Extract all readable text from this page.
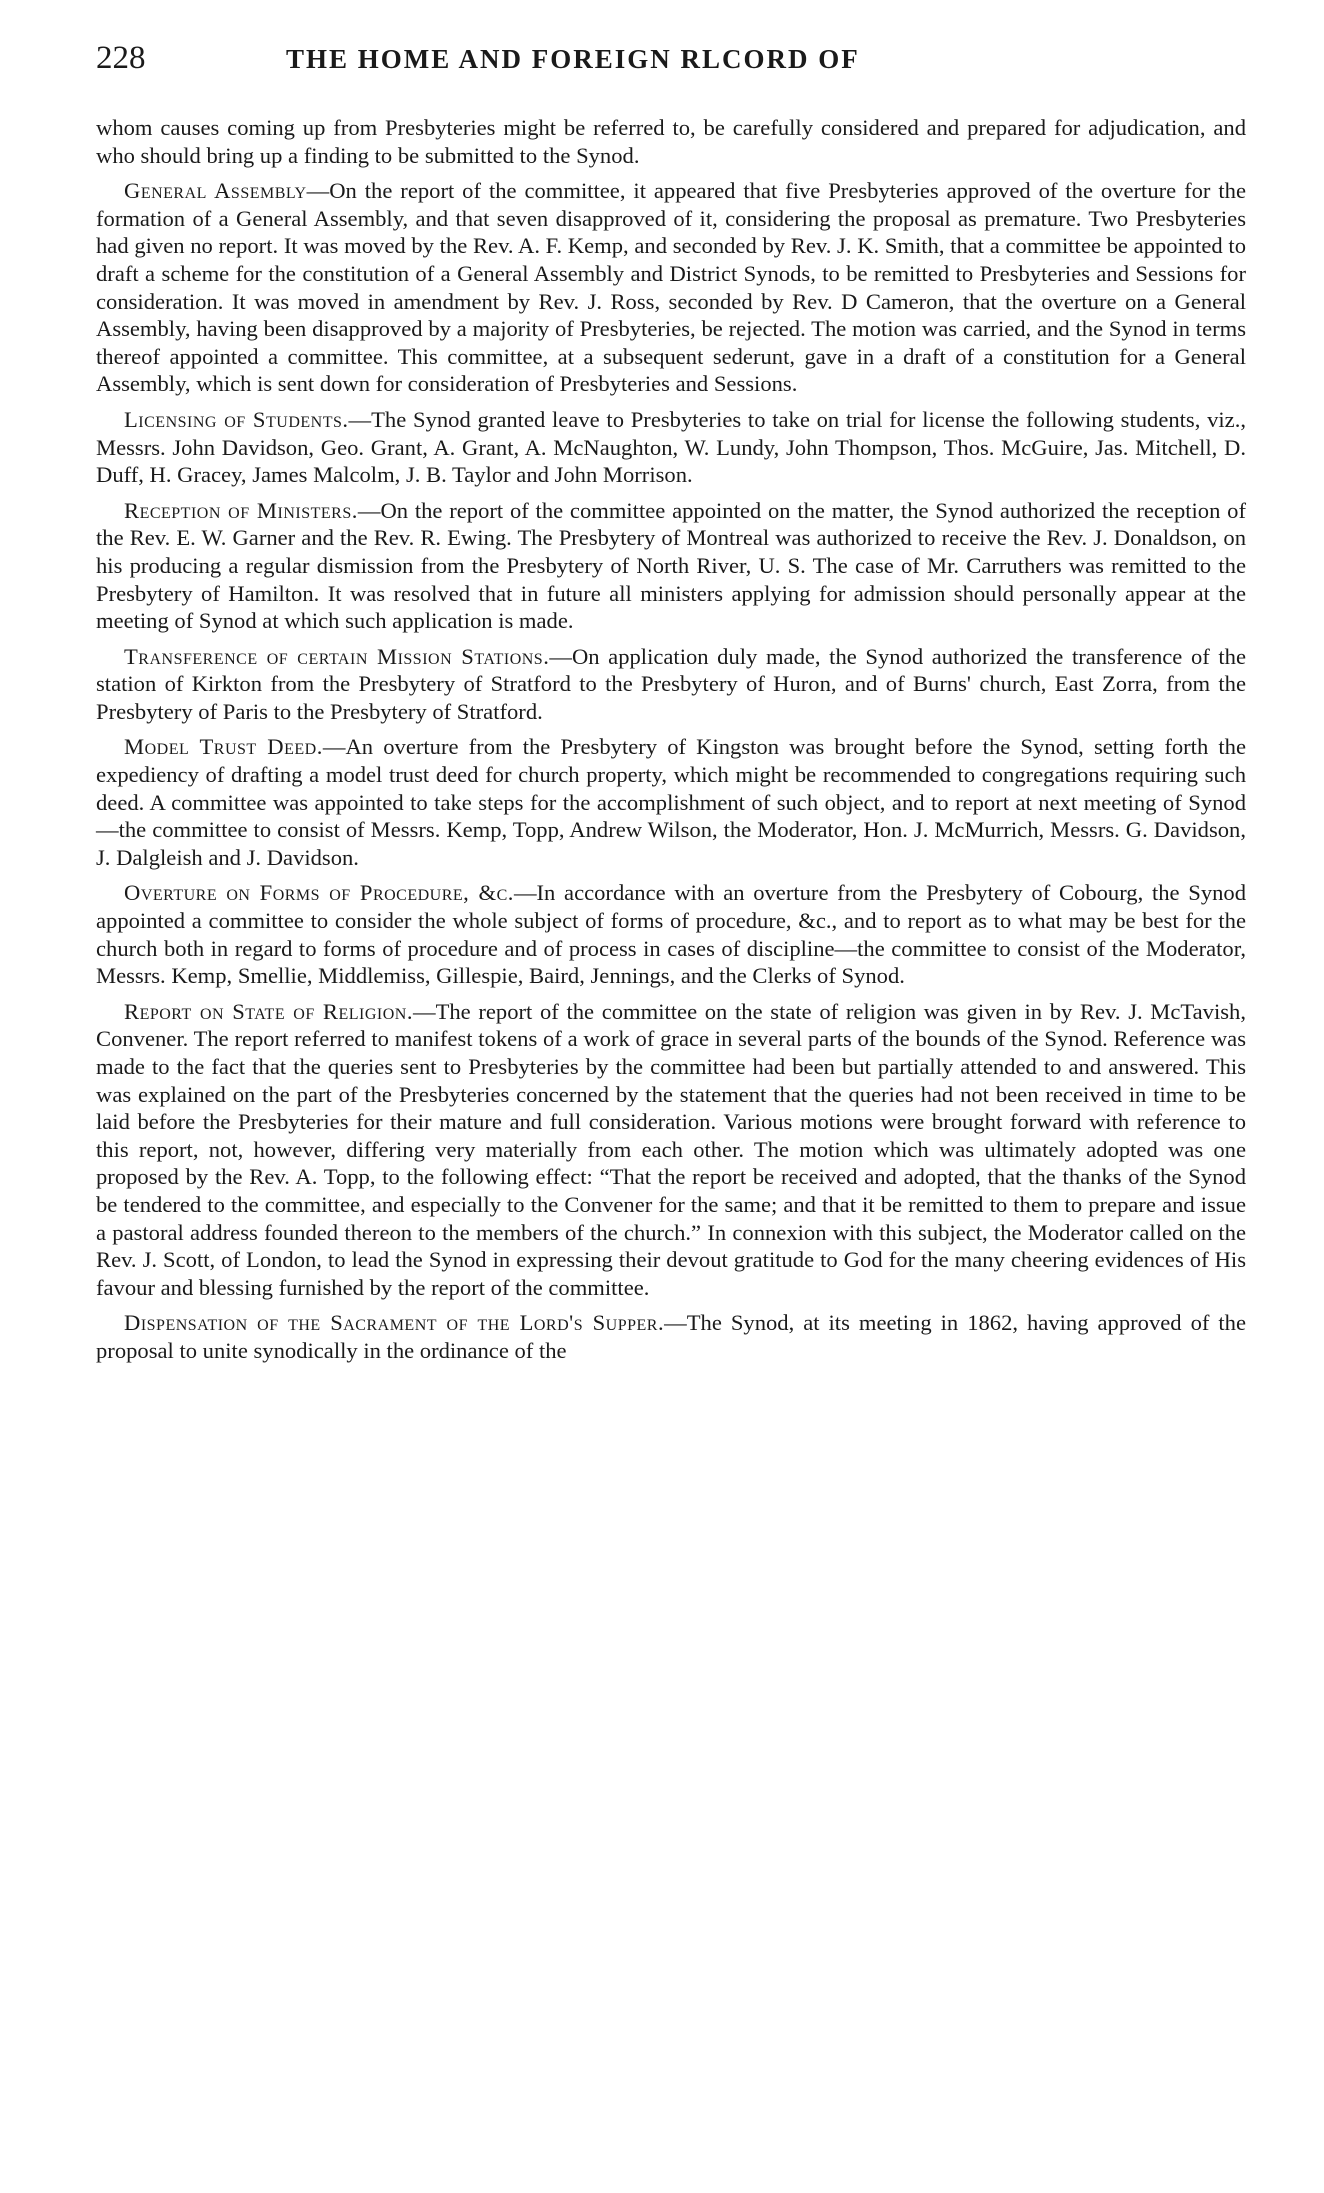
228	THE HOME AND FOREIGN RLCORD OF

whom causes coming up from Presbyteries might be referred to, be carefully considered and prepared for adjudication, and who should bring up a finding to be submitted to the Synod.

General Assembly—On the report of the committee, it appeared that five Presbyteries approved of the overture for the formation of a General Assembly, and that seven disapproved of it, considering the proposal as premature. Two Presbyteries had given no report. It was moved by the Rev. A. F. Kemp, and seconded by Rev. J. K. Smith, that a committee be appointed to draft a scheme for the constitution of a General Assembly and District Synods, to be remitted to Presbyteries and Sessions for consideration. It was moved in amendment by Rev. J. Ross, seconded by Rev. D Cameron, that the overture on a General Assembly, having been disapproved by a majority of Presbyteries, be rejected. The motion was carried, and the Synod in terms thereof appointed a committee. This committee, at a subsequent sederunt, gave in a draft of a constitution for a General Assembly, which is sent down for consideration of Presbyteries and Sessions.

Licensing of Students.—The Synod granted leave to Presbyteries to take on trial for license the following students, viz., Messrs. John Davidson, Geo. Grant, A. Grant, A. McNaughton, W. Lundy, John Thompson, Thos. McGuire, Jas. Mitchell, D. Duff, H. Gracey, James Malcolm, J. B. Taylor and John Morrison.

Reception of Ministers.—On the report of the committee appointed on the matter, the Synod authorized the reception of the Rev. E. W. Garner and the Rev. R. Ewing. The Presbytery of Montreal was authorized to receive the Rev. J. Donaldson, on his producing a regular dismission from the Presbytery of North River, U. S. The case of Mr. Carruthers was remitted to the Presbytery of Hamilton. It was resolved that in future all ministers applying for admission should personally appear at the meeting of Synod at which such application is made.

Transference of certain Mission Stations.—On application duly made, the Synod authorized the transference of the station of Kirkton from the Presbytery of Stratford to the Presbytery of Huron, and of Burns' church, East Zorra, from the Presbytery of Paris to the Presbytery of Stratford.

Model Trust Deed.—An overture from the Presbytery of Kingston was brought before the Synod, setting forth the expediency of drafting a model trust deed for church property, which might be recommended to congregations requiring such deed. A committee was appointed to take steps for the accomplishment of such object, and to report at next meeting of Synod—the committee to consist of Messrs. Kemp, Topp, Andrew Wilson, the Moderator, Hon. J. McMurrich, Messrs. G. Davidson, J. Dalgleish and J. Davidson.

Overture on Forms of Procedure, &c.—In accordance with an overture from the Presbytery of Cobourg, the Synod appointed a committee to consider the whole subject of forms of procedure, &c., and to report as to what may be best for the church both in regard to forms of procedure and of process in cases of discipline—the committee to consist of the Moderator, Messrs. Kemp, Smellie, Middlemiss, Gillespie, Baird, Jennings, and the Clerks of Synod.

Report on State of Religion.—The report of the committee on the state of religion was given in by Rev. J. McTavish, Convener. The report referred to manifest tokens of a work of grace in several parts of the bounds of the Synod. Reference was made to the fact that the queries sent to Presbyteries by the committee had been but partially attended to and answered. This was explained on the part of the Presbyteries concerned by the statement that the queries had not been received in time to be laid before the Presbyteries for their mature and full consideration. Various motions were brought forward with reference to this report, not, however, differing very materially from each other. The motion which was ultimately adopted was one proposed by the Rev. A. Topp, to the following effect: “That the report be received and adopted, that the thanks of the Synod be tendered to the committee, and especially to the Convener for the same; and that it be remitted to them to prepare and issue a pastoral address founded thereon to the members of the church.” In connexion with this subject, the Moderator called on the Rev. J. Scott, of London, to lead the Synod in expressing their devout gratitude to God for the many cheering evidences of His favour and blessing furnished by the report of the committee.

Dispensation of the Sacrament of the Lord's Supper.—The Synod, at its meeting in 1862, having approved of the proposal to unite synodically in the ordinance of the
